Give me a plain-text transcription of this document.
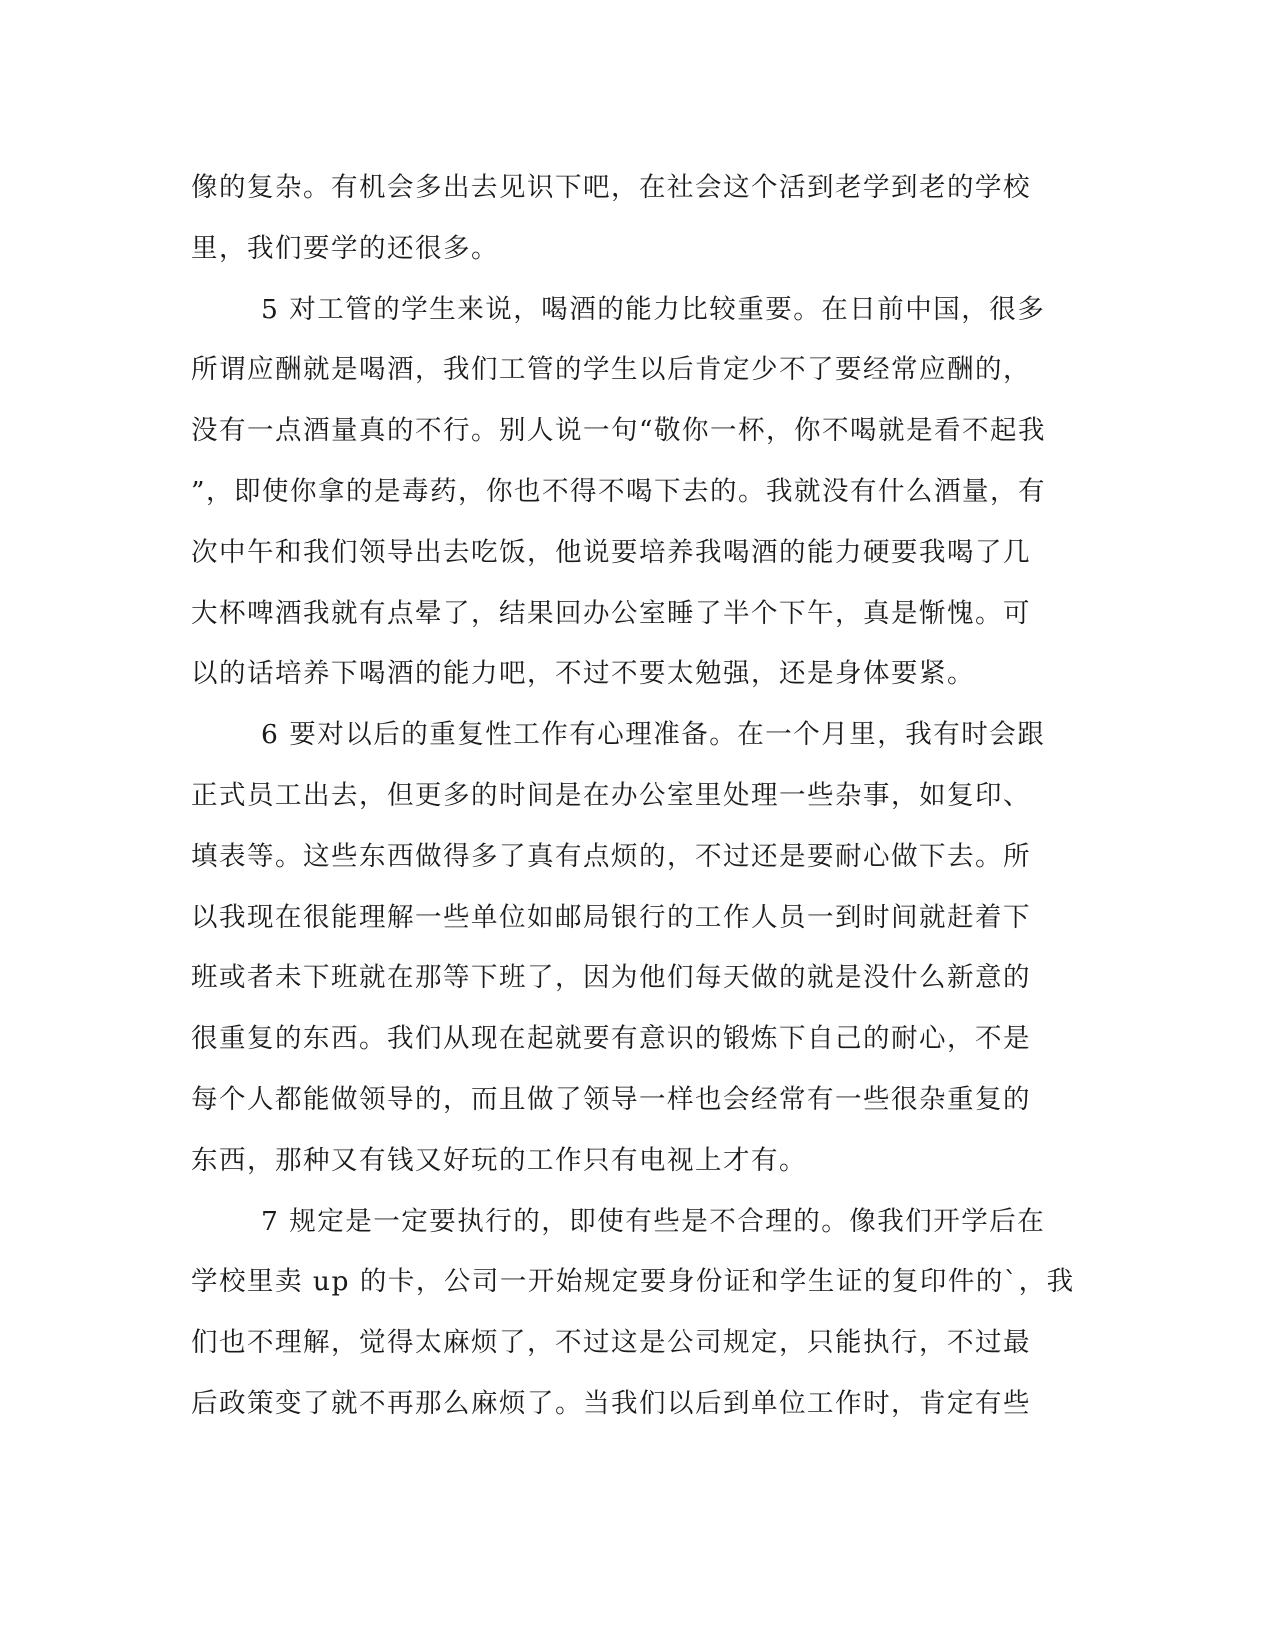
像的复杂。有机会多出去见识下吧，在社会这个活到老学到老的学校
里，我们要学的还很多。
5 对工管的学生来说，喝酒的能力比较重要。在日前中国，很多
所谓应酬就是喝酒，我们工管的学生以后肯定少不了要经常应酬的，
没有一点酒量真的不行。别人说一句“敬你一杯，你不喝就是看不起我
”，即使你拿的是毒药，你也不得不喝下去的。我就没有什么酒量，有
次中午和我们领导出去吃饭，他说要培养我喝酒的能力硬要我喝了几
大杯啤酒我就有点晕了，结果回办公室睡了半个下午，真是惭愧。可
以的话培养下喝酒的能力吧，不过不要太勉强，还是身体要紧。
6 要对以后的重复性工作有心理准备。在一个月里，我有时会跟
正式员工出去，但更多的时间是在办公室里处理一些杂事，如复印、
填表等。这些东西做得多了真有点烦的，不过还是要耐心做下去。所
以我现在很能理解一些单位如邮局银行的工作人员一到时间就赶着下
班或者未下班就在那等下班了，因为他们每天做的就是没什么新意的
很重复的东西。我们从现在起就要有意识的锻炼下自己的耐心，不是
每个人都能做领导的，而且做了领导一样也会经常有一些很杂重复的
东西，那种又有钱又好玩的工作只有电视上才有。
7 规定是一定要执行的，即使有些是不合理的。像我们开学后在
学校里卖 up 的卡，公司一开始规定要身份证和学生证的复印件的`，我
们也不理解，觉得太麻烦了，不过这是公司规定，只能执行，不过最
后政策变了就不再那么麻烦了。当我们以后到单位工作时，肯定有些
